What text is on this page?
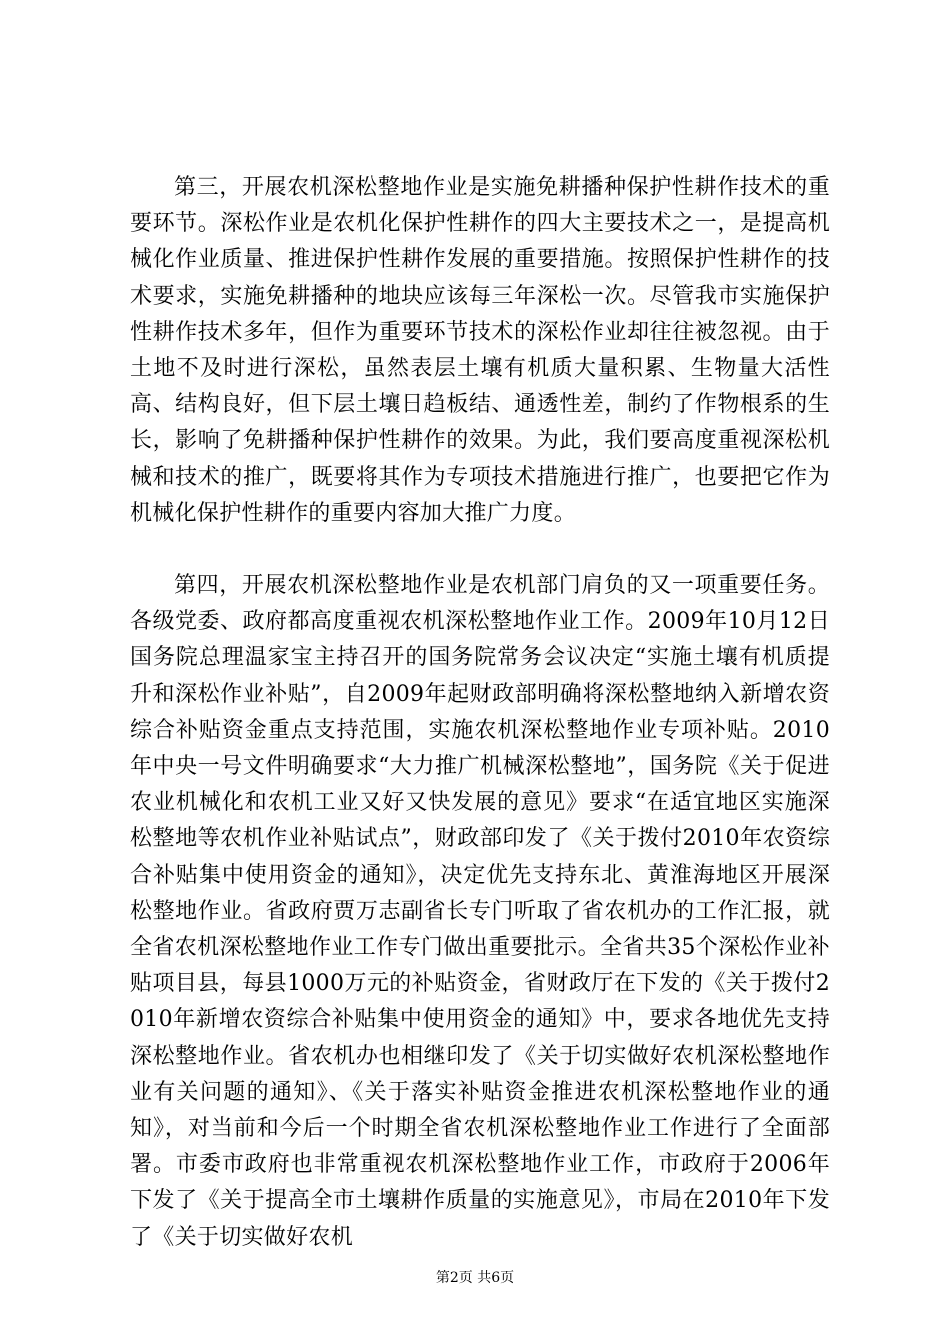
第三，开展农机深松整地作业是实施免耕播种保护性耕作技术的重要环节。深松作业是农机化保护性耕作的四大主要技术之一，是提高机械化作业质量、推进保护性耕作发展的重要措施。按照保护性耕作的技术要求，实施免耕播种的地块应该每三年深松一次。尽管我市实施保护性耕作技术多年，但作为重要环节技术的深松作业却往往被忽视。由于土地不及时进行深松，虽然表层土壤有机质大量积累、生物量大活性高、结构良好，但下层土壤日趋板结、通透性差，制约了作物根系的生长，影响了免耕播种保护性耕作的效果。为此，我们要高度重视深松机械和技术的推广，既要将其作为专项技术措施进行推广，也要把它作为机械化保护性耕作的重要内容加大推广力度。

第四，开展农机深松整地作业是农机部门肩负的又一项重要任务。各级党委、政府都高度重视农机深松整地作业工作。2009年10月12日国务院总理温家宝主持召开的国务院常务会议决定“实施土壤有机质提升和深松作业补贴”，自2009年起财政部明确将深松整地纳入新增农资综合补贴资金重点支持范围，实施农机深松整地作业专项补贴。2010年中央一号文件明确要求“大力推广机械深松整地”，国务院《关于促进农业机械化和农机工业又好又快发展的意见》要求“在适宜地区实施深松整地等农机作业补贴试点”，财政部印发了《关于拨付2010年农资综合补贴集中使用资金的通知》，决定优先支持东北、黄淮海地区开展深松整地作业。省政府贾万志副省长专门听取了省农机办的工作汇报，就全省农机深松整地作业工作专门做出重要批示。全省共35个深松作业补贴项目县，每县1000万元的补贴资金，省财政厅在下发的《关于拨付2010年新增农资综合补贴集中使用资金的通知》中，要求各地优先支持深松整地作业。省农机办也相继印发了《关于切实做好农机深松整地作业有关问题的通知》、《关于落实补贴资金推进农机深松整地作业的通知》，对当前和今后一个时期全省农机深松整地作业工作进行了全面部署。市委市政府也非常重视农机深松整地作业工作，市政府于2006年下发了《关于提高全市土壤耕作质量的实施意见》，市局在2010年下发了《关于切实做好农机

第2页 共6页
